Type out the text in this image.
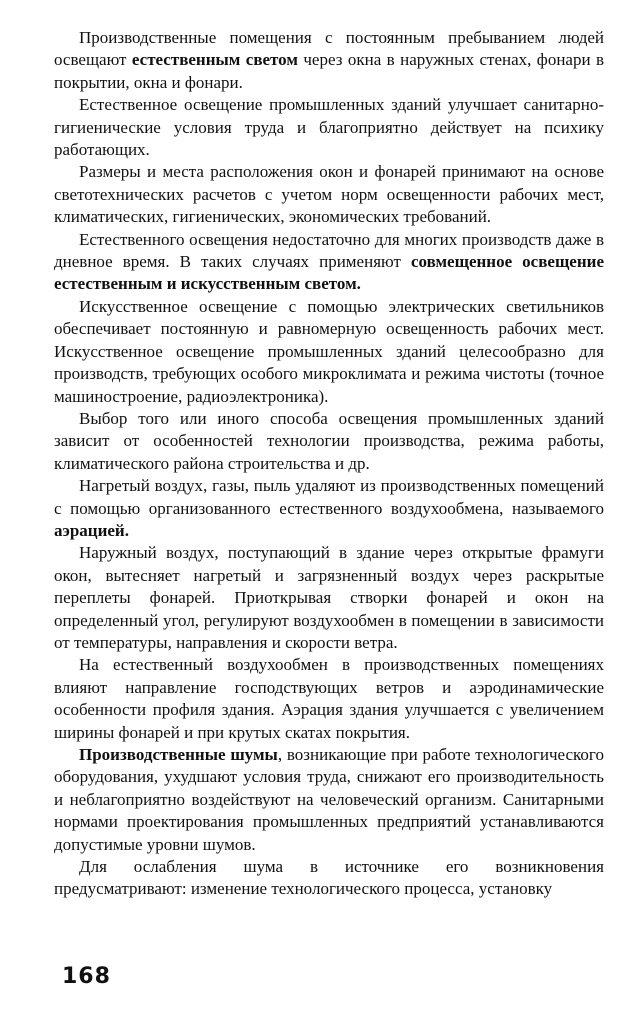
Производственные помещения с постоянным пребыванием людей освещают естественным светом через окна в наружных стенах, фонари в покрытии, окна и фонари.

Естественное освещение промышленных зданий улучшает санитарно-гигиенические условия труда и благоприятно действует на психику работающих.

Размеры и места расположения окон и фонарей принимают на основе светотехнических расчетов с учетом норм освещенности рабочих мест, климатических, гигиенических, экономических требований.

Естественного освещения недостаточно для многих производств даже в дневное время. В таких случаях применяют совмещенное освещение естественным и искусственным светом.

Искусственное освещение с помощью электрических светильников обеспечивает постоянную и равномерную освещенность рабочих мест. Искусственное освещение промышленных зданий целесообразно для производств, требующих особого микроклимата и режима чистоты (точное машиностроение, радиоэлектроника).

Выбор того или иного способа освещения промышленных зданий зависит от особенностей технологии производства, режима работы, климатического района строительства и др.

Нагретый воздух, газы, пыль удаляют из производственных помещений с помощью организованного естественного воздухообмена, называемого аэрацией.

Наружный воздух, поступающий в здание через открытые фрамуги окон, вытесняет нагретый и загрязненный воздух через раскрытые переплеты фонарей. Приоткрывая створки фонарей и окон на определенный угол, регулируют воздухообмен в помещении в зависимости от температуры, направления и скорости ветра.

На естественный воздухообмен в производственных помещениях влияют направление господствующих ветров и аэродинамические особенности профиля здания. Аэрация здания улучшается с увеличением ширины фонарей и при крутых скатах покрытия.

Производственные шумы, возникающие при работе технологического оборудования, ухудшают условия труда, снижают его производительность и неблагоприятно воздействуют на человеческий организм. Санитарными нормами проектирования промышленных предприятий устанавливаются допустимые уровни шумов.

Для ослабления шума в источнике его возникновения предусматривают: изменение технологического процесса, установку

168
